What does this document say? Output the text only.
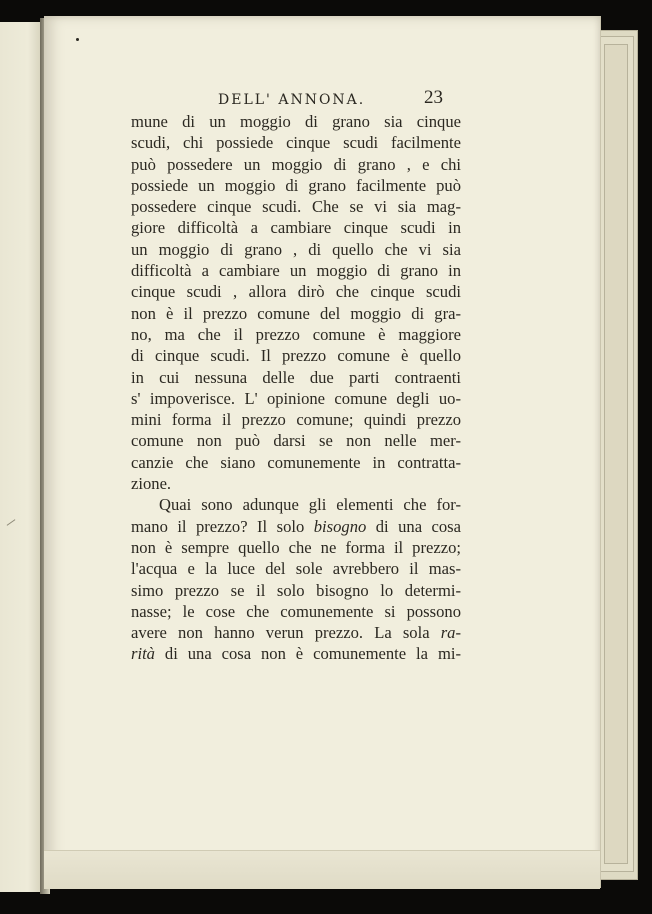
DELL' ANNONA.	23
mune di un moggio di grano sia cinque
scudi, chi possiede cinque scudi facilmente
può possedere un moggio di grano , e chi
possiede un moggio di grano facilmente può
possedere cinque scudi. Che se vi sia mag-
giore difficoltà a cambiare cinque scudi in
un moggio di grano , di quello che vi sia
difficoltà a cambiare un moggio di grano in
cinque scudi , allora dirò che cinque scudi
non è il prezzo comune del moggio di gra-
no, ma che il prezzo comune è maggiore
di cinque scudi. Il prezzo comune è quello
in cui nessuna delle due parti contraenti
s' impoverisce. L' opinione comune degli uo-
mini forma il prezzo comune; quindi prezzo
comune non può darsi se non nelle mer-
canzie che siano comunemente in contratta-
zione.
Quai sono adunque gli elementi che for-
mano il prezzo? Il solo bisogno di una cosa
non è sempre quello che ne forma il prezzo;
l'acqua e la luce del sole avrebbero il mas-
simo prezzo se il solo bisogno lo determi-
nasse; le cose che comunemente si possono
avere non hanno verun prezzo. La sola ra-
rità di una cosa non è comunemente la mi-
